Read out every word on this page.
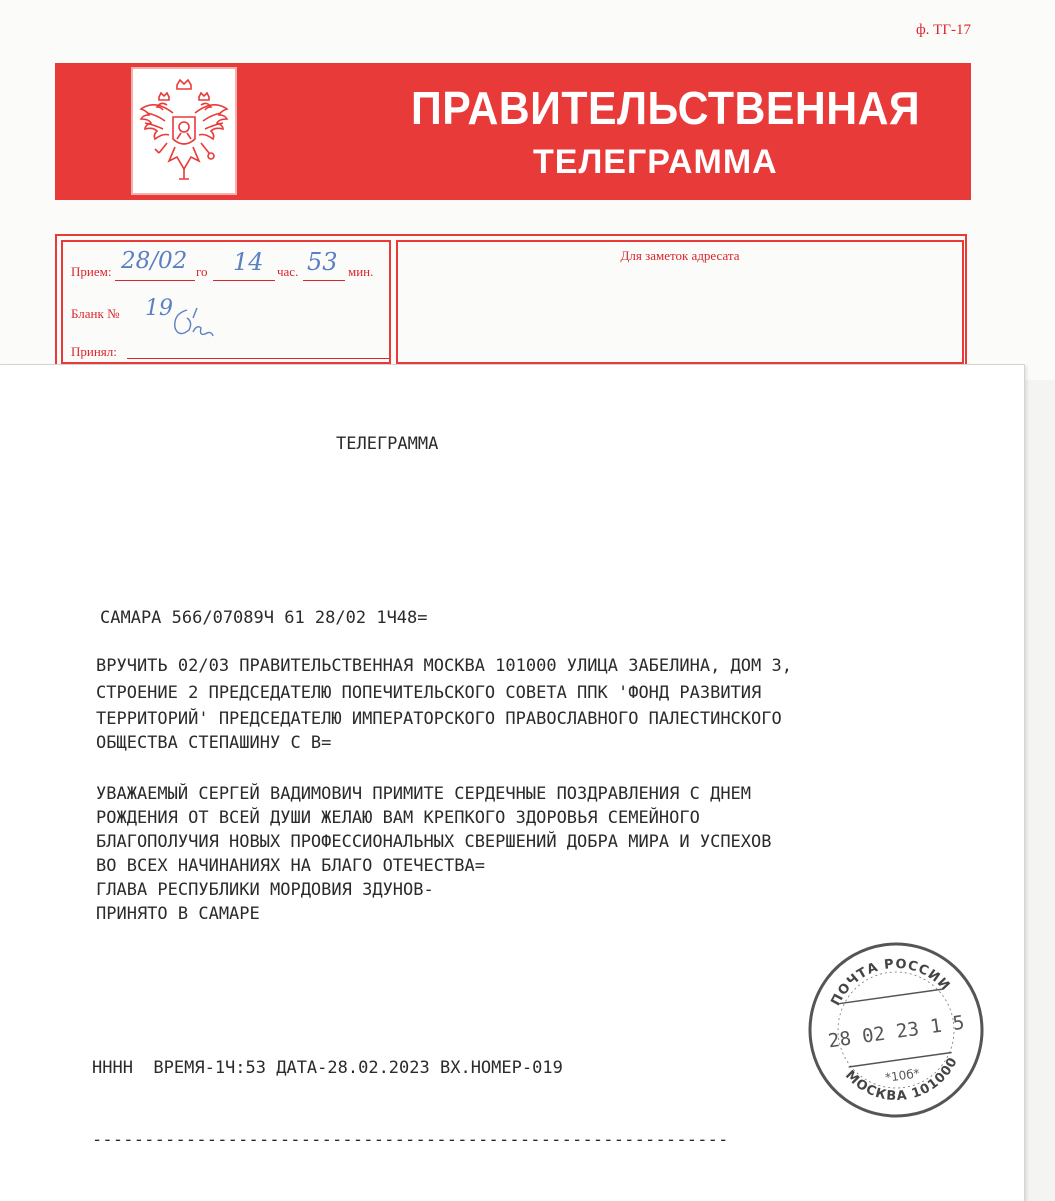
ф. ТГ-17
ПРАВИТЕЛЬСТВЕННАЯ
ТЕЛЕГРАММА
Прием: 28/02 го 14 час. 53 мин.
Бланк № 19
Принял:
Для заметок адресата
ТЕЛЕГРАММА
САМАРА 566/07089Ч 61 28/02 1Ч48=
ВРУЧИТЬ 02/03 ПРАВИТЕЛЬСТВЕННАЯ МОСКВА 101000 УЛИЦА ЗАБЕЛИНА, ДОМ 3,
СТРОЕНИЕ 2 ПРЕДСЕДАТЕЛЮ ПОПЕЧИТЕЛЬСКОГО СОВЕТА ППК 'ФОНД РАЗВИТИЯ
ТЕРРИТОРИЙ' ПРЕДСЕДАТЕЛЮ ИМПЕРАТОРСКОГО ПРАВОСЛАВНОГО ПАЛЕСТИНСКОГО
ОБЩЕСТВА СТЕПАШИНУ С В=
УВАЖАЕМЫЙ СЕРГЕЙ ВАДИМОВИЧ ПРИМИТЕ СЕРДЕЧНЫЕ ПОЗДРАВЛЕНИЯ С ДНЕМ
РОЖДЕНИЯ ОТ ВСЕЙ ДУШИ ЖЕЛАЮ ВАМ КРЕПКОГО ЗДОРОВЬЯ СЕМЕЙНОГО
БЛАГОПОЛУЧИЯ НОВЫХ ПРОФЕССИОНАЛЬНЫХ СВЕРШЕНИЙ ДОБРА МИРА И УСПЕХОВ
ВО ВСЕХ НАЧИНАНИЯХ НА БЛАГО ОТЕЧЕСТВА=
ГЛАВА РЕСПУБЛИКИ МОРДОВИЯ ЗДУНОВ-
ПРИНЯТО В САМАРЕ
НННН  ВРЕМЯ-1Ч:53 ДАТА-28.02.2023 ВХ.НОМЕР-019
-------------------------------------------------------------
ПОЧТА РОССИИ
28 02 23 1 5
*10б*
МОСКВА 101000
